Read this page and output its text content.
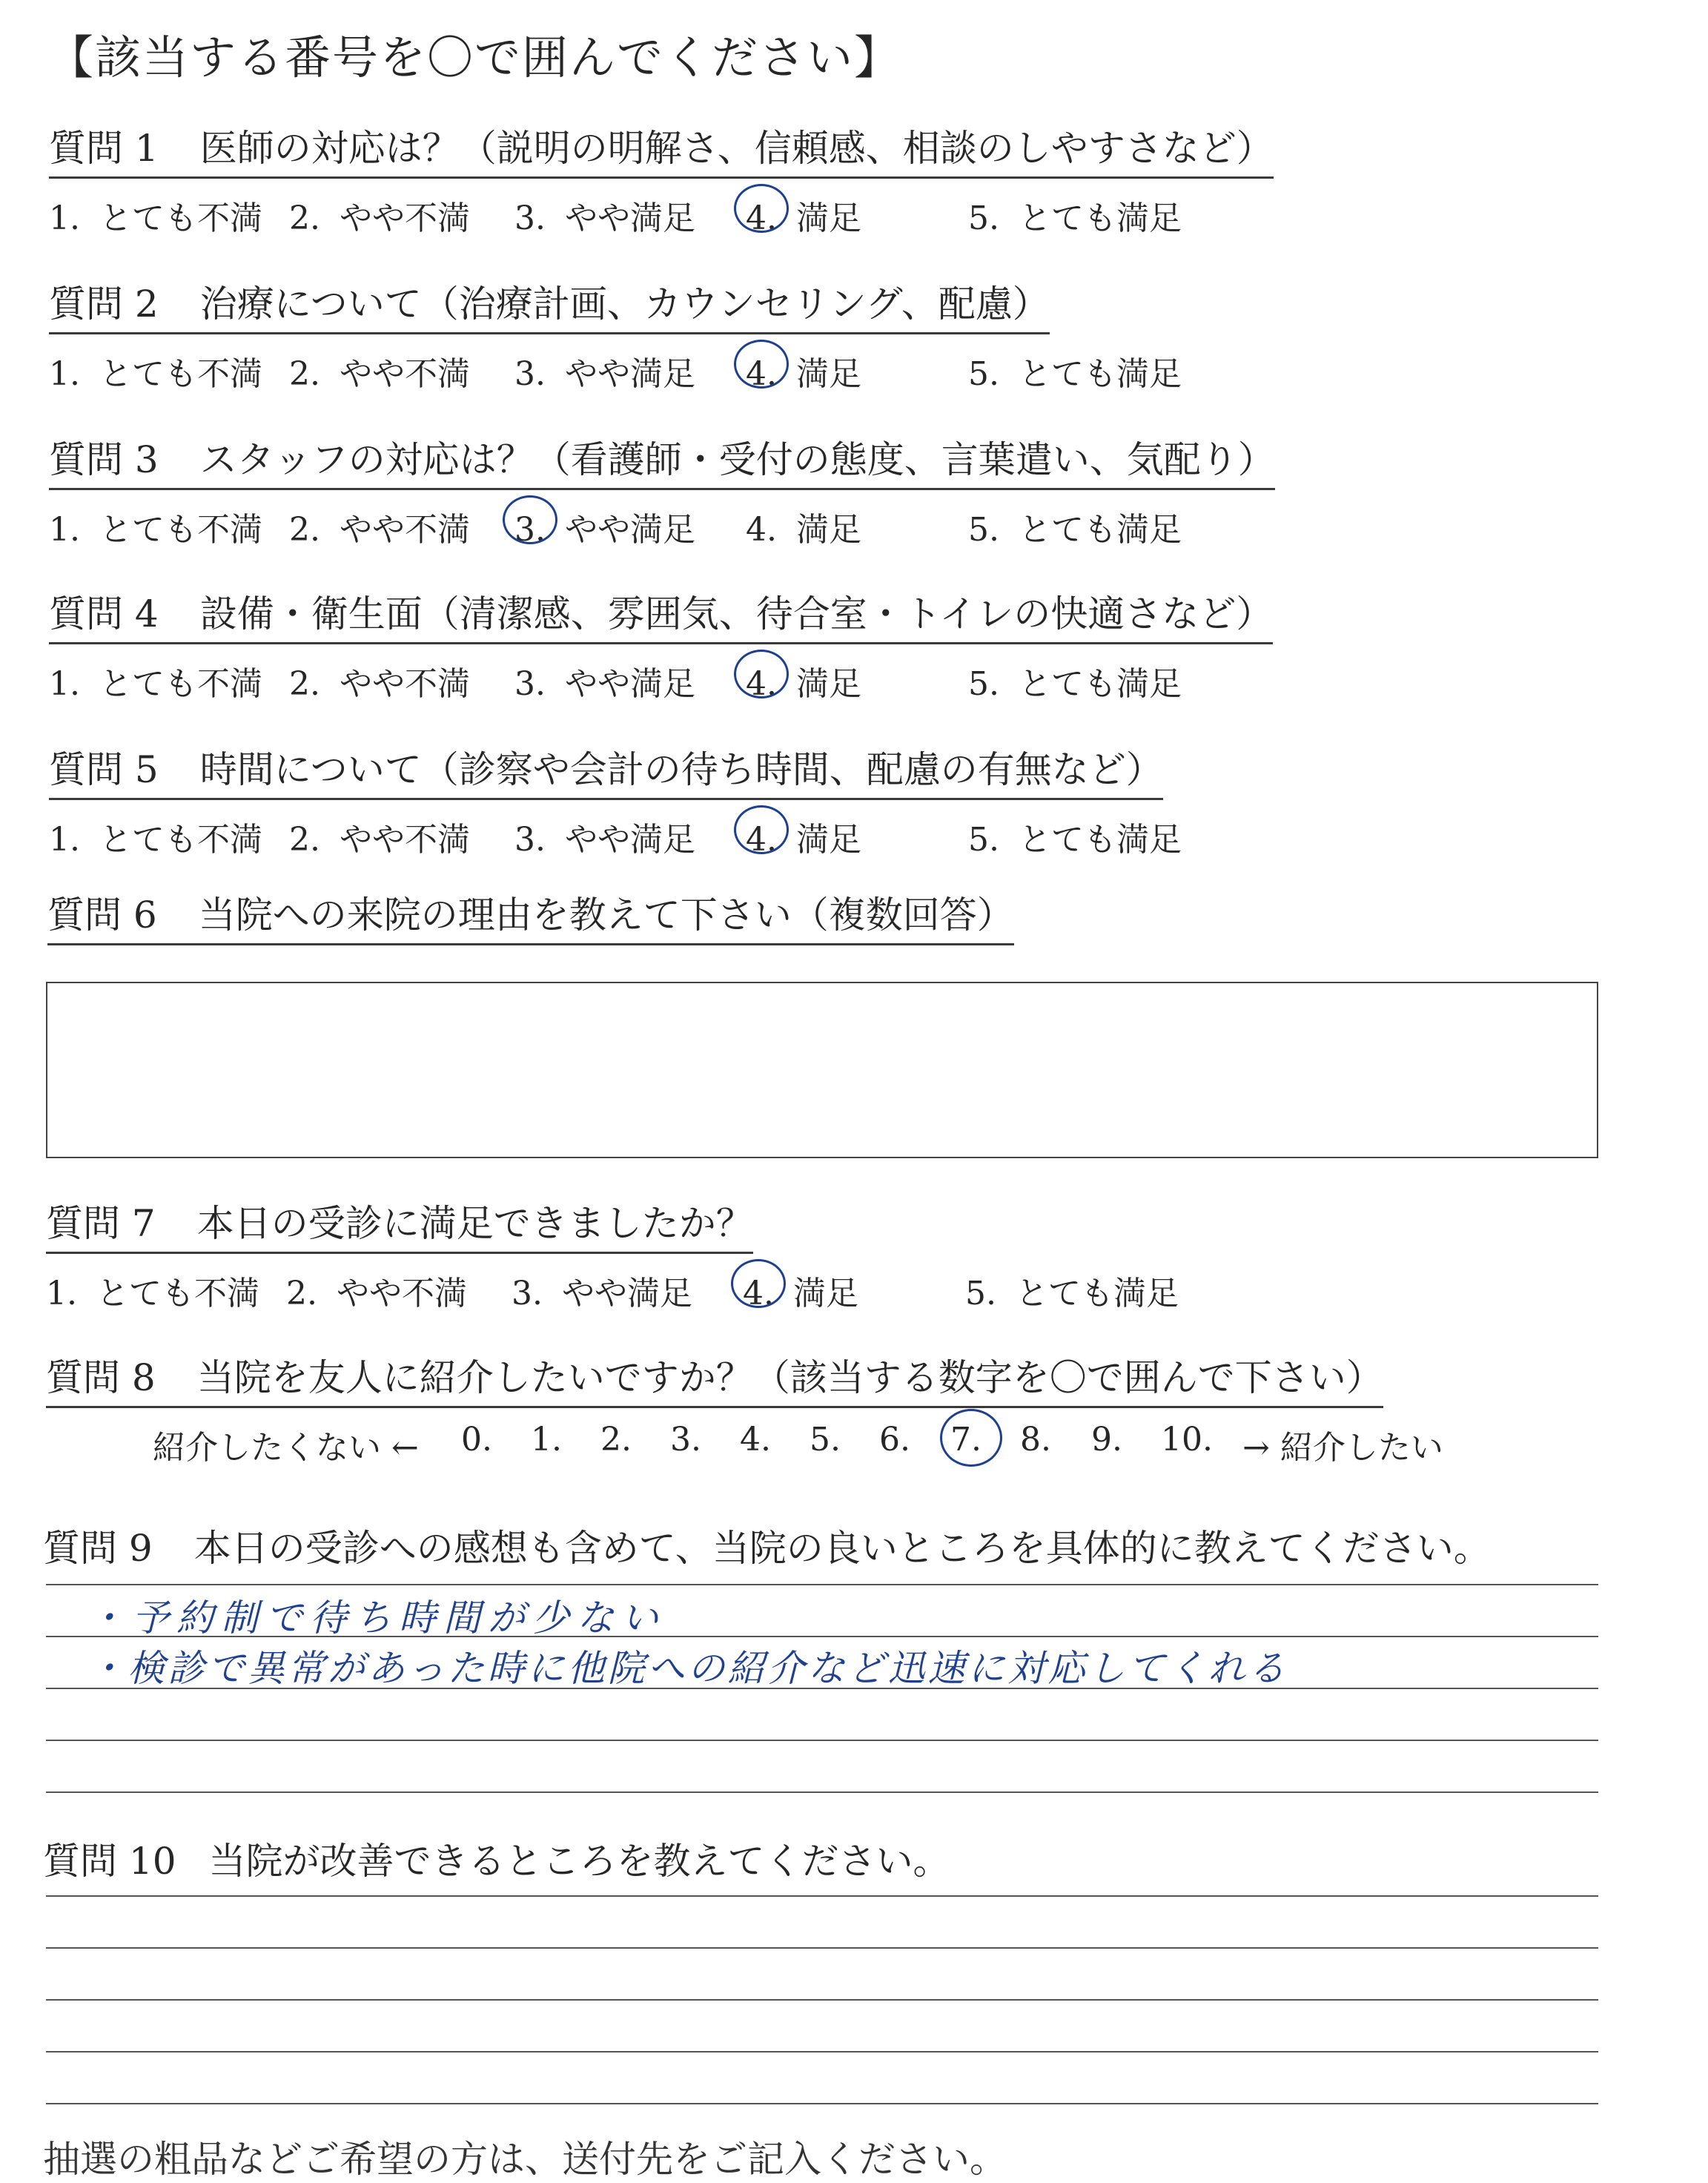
【該当する番号を〇で囲んでください】
質問 1 医師の対応は？（説明の明解さ、信頼感、相談のしやすさなど）
1. とても不満 2. やや不満 3. やや満足 4. 満足	5. とても満足
質問 2 治療について（治療計画、カウンセリング、配慮）
1. とても不満 2. やや不満 3. やや満足 4. 満足	5. とても満足
質問 3 スタッフの対応は？（看護師・受付の態度、言葉遣い、気配り）
1. とても不満 2. やや不満 3. やや満足 4. 満足	5. とても満足
質問 4 設備・衛生面（清潔感、雰囲気、待合室・トイレの快適さなど）
1. とても不満 2. やや不満 3. やや満足 4. 満足	5. とても満足
質問 5 時間について（診察や会計の待ち時間、配慮の有無など）
1. とても不満 2. やや不満 3. やや満足 4. 満足	5. とても満足
質問 6 当院への来院の理由を教えて下さい（複数回答）
質問 7 本日の受診に満足できましたか？
1. とても不満 2. やや不満 3. やや満足 4. 満足	5. とても満足
質問 8 当院を友人に紹介したいですか？（該当する数字を〇で囲んで下さい）
紹介したくない ←	→ 紹介したい
0. 1. 2. 3. 4. 5. 6. 7. 8. 9. 10.
質問 9 本日の受診への感想も含めて、当院の良いところを具体的に教えてください。
・予約制で待ち時間が少ない
・検診で異常があった時に他院への紹介など迅速に対応してくれる
質問 10 当院が改善できるところを教えてください。
抽選の粗品などご希望の方は、送付先をご記入ください。
